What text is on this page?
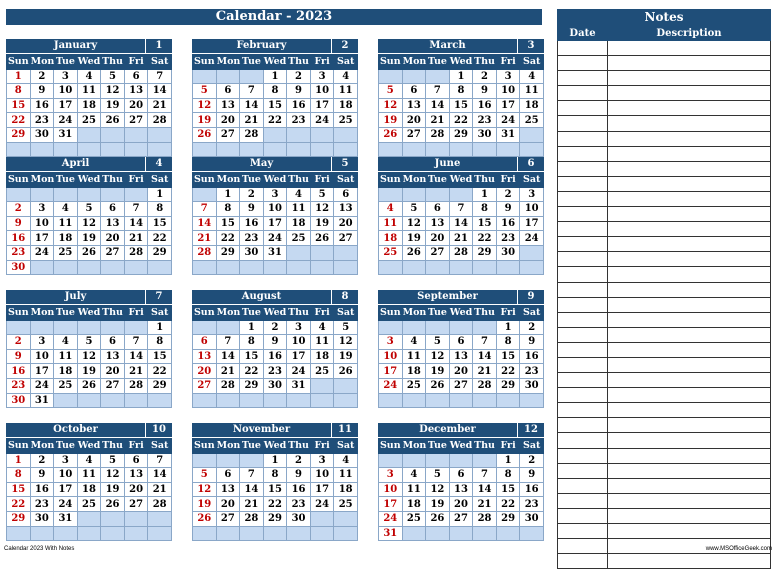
Calendar - 2023
January	1
Sun	Mon	Tue	Wed	Thu	Fri	Sat
1	2	3	4	5	6	7
8	9	10	11	12	13	14
15	16	17	18	19	20	21
22	23	24	25	26	27	28
29	30	31				

February	2
Sun	Mon	Tue	Wed	Thu	Fri	Sat
			1	2	3	4
5	6	7	8	9	10	11
12	13	14	15	16	17	18
19	20	21	22	23	24	25
26	27	28				

March	3
Sun	Mon	Tue	Wed	Thu	Fri	Sat
			1	2	3	4
5	6	7	8	9	10	11
12	13	14	15	16	17	18
19	20	21	22	23	24	25
26	27	28	29	30	31	

April	4
Sun	Mon	Tue	Wed	Thu	Fri	Sat
						1
2	3	4	5	6	7	8
9	10	11	12	13	14	15
16	17	18	19	20	21	22
23	24	25	26	27	28	29
30						
May	5
Sun	Mon	Tue	Wed	Thu	Fri	Sat
	1	2	3	4	5	6
7	8	9	10	11	12	13
14	15	16	17	18	19	20
21	22	23	24	25	26	27
28	29	30	31			

June	6
Sun	Mon	Tue	Wed	Thu	Fri	Sat
				1	2	3
4	5	6	7	8	9	10
11	12	13	14	15	16	17
18	19	20	21	22	23	24
25	26	27	28	29	30	

July	7
Sun	Mon	Tue	Wed	Thu	Fri	Sat
						1
2	3	4	5	6	7	8
9	10	11	12	13	14	15
16	17	18	19	20	21	22
23	24	25	26	27	28	29
30	31					
August	8
Sun	Mon	Tue	Wed	Thu	Fri	Sat
		1	2	3	4	5
6	7	8	9	10	11	12
13	14	15	16	17	18	19
20	21	22	23	24	25	26
27	28	29	30	31		

September	9
Sun	Mon	Tue	Wed	Thu	Fri	Sat
					1	2
3	4	5	6	7	8	9
10	11	12	13	14	15	16
17	18	19	20	21	22	23
24	25	26	27	28	29	30

October	10
Sun	Mon	Tue	Wed	Thu	Fri	Sat
1	2	3	4	5	6	7
8	9	10	11	12	13	14
15	16	17	18	19	20	21
22	23	24	25	26	27	28
29	30	31				

November	11
Sun	Mon	Tue	Wed	Thu	Fri	Sat
			1	2	3	4
5	6	7	8	9	10	11
12	13	14	15	16	17	18
19	20	21	22	23	24	25
26	27	28	29	30		

December	12
Sun	Mon	Tue	Wed	Thu	Fri	Sat
					1	2
3	4	5	6	7	8	9
10	11	12	13	14	15	16
17	18	19	20	21	22	23
24	25	26	27	28	29	30
31						
Notes
Date	Description

Calendar 2023 With Notes	www.MSOfficeGeek.com
